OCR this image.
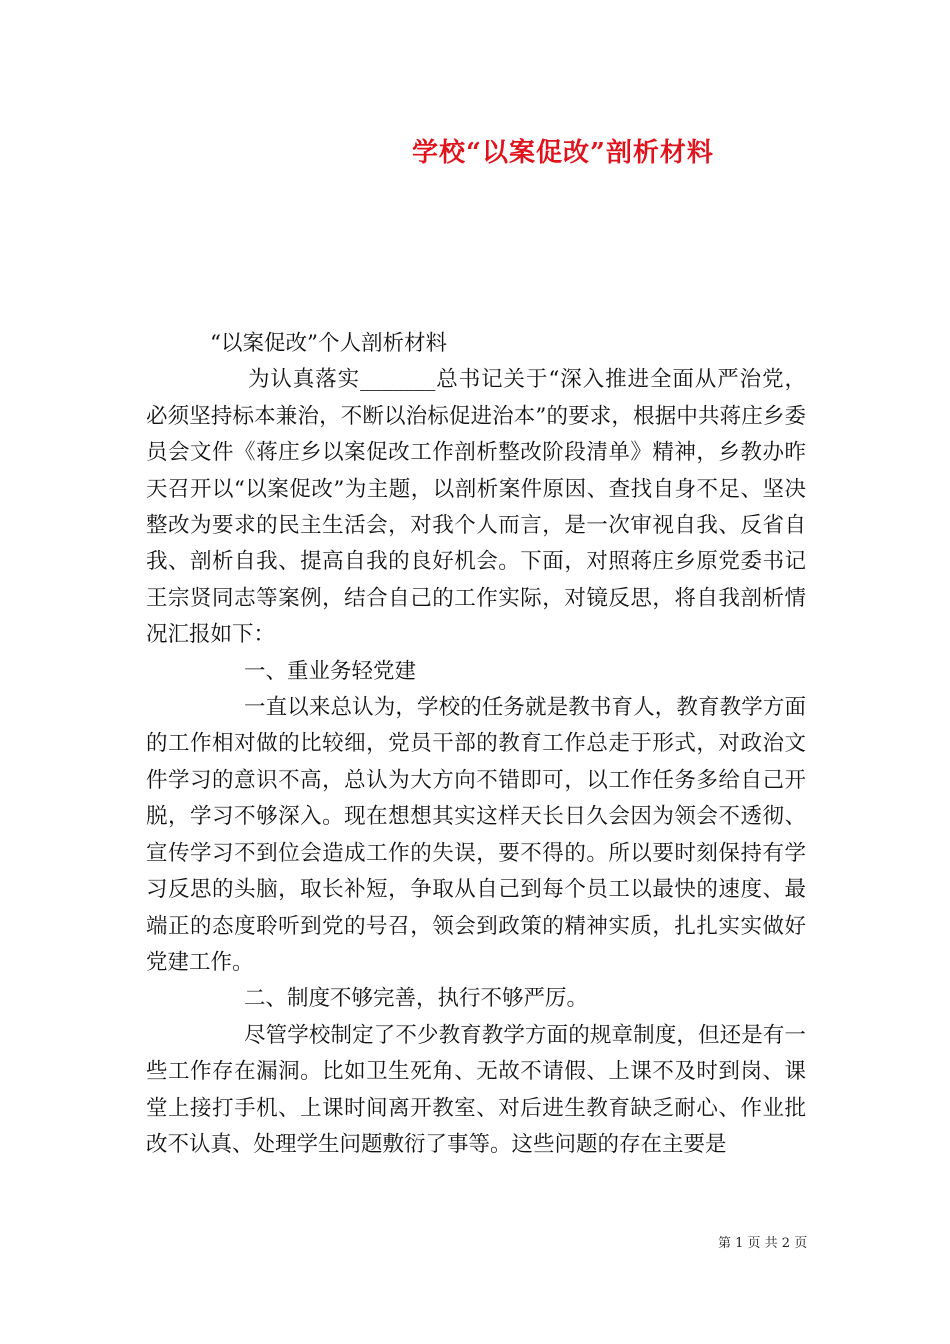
学校“以案促改”剖析材料

“以案促改”个人剖析材料

为认真落实_______总书记关于“深入推进全面从严治党，必须坚持标本兼治，不断以治标促进治本”的要求，根据中共蒋庄乡委员会文件《蒋庄乡以案促改工作剖析整改阶段清单》精神，乡教办昨天召开以“以案促改”为主题，以剖析案件原因、查找自身不足、坚决整改为要求的民主生活会，对我个人而言，是一次审视自我、反省自我、剖析自我、提高自我的良好机会。下面，对照蒋庄乡原党委书记王宗贤同志等案例，结合自己的工作实际，对镜反思，将自我剖析情况汇报如下：

一、重业务轻党建

一直以来总认为，学校的任务就是教书育人，教育教学方面的工作相对做的比较细，党员干部的教育工作总走于形式，对政治文件学习的意识不高，总认为大方向不错即可，以工作任务多给自己开脱，学习不够深入。现在想想其实这样天长日久会因为领会不透彻、宣传学习不到位会造成工作的失误，要不得的。所以要时刻保持有学习反思的头脑，取长补短，争取从自己到每个员工以最快的速度、最端正的态度聆听到党的号召，领会到政策的精神实质，扎扎实实做好党建工作。

二、制度不够完善，执行不够严厉。

尽管学校制定了不少教育教学方面的规章制度，但还是有一些工作存在漏洞。比如卫生死角、无故不请假、上课不及时到岗、课堂上接打手机、上课时间离开教室、对后进生教育缺乏耐心、作业批改不认真、处理学生问题敷衍了事等。这些问题的存在主要是

第 1 页 共 2 页
